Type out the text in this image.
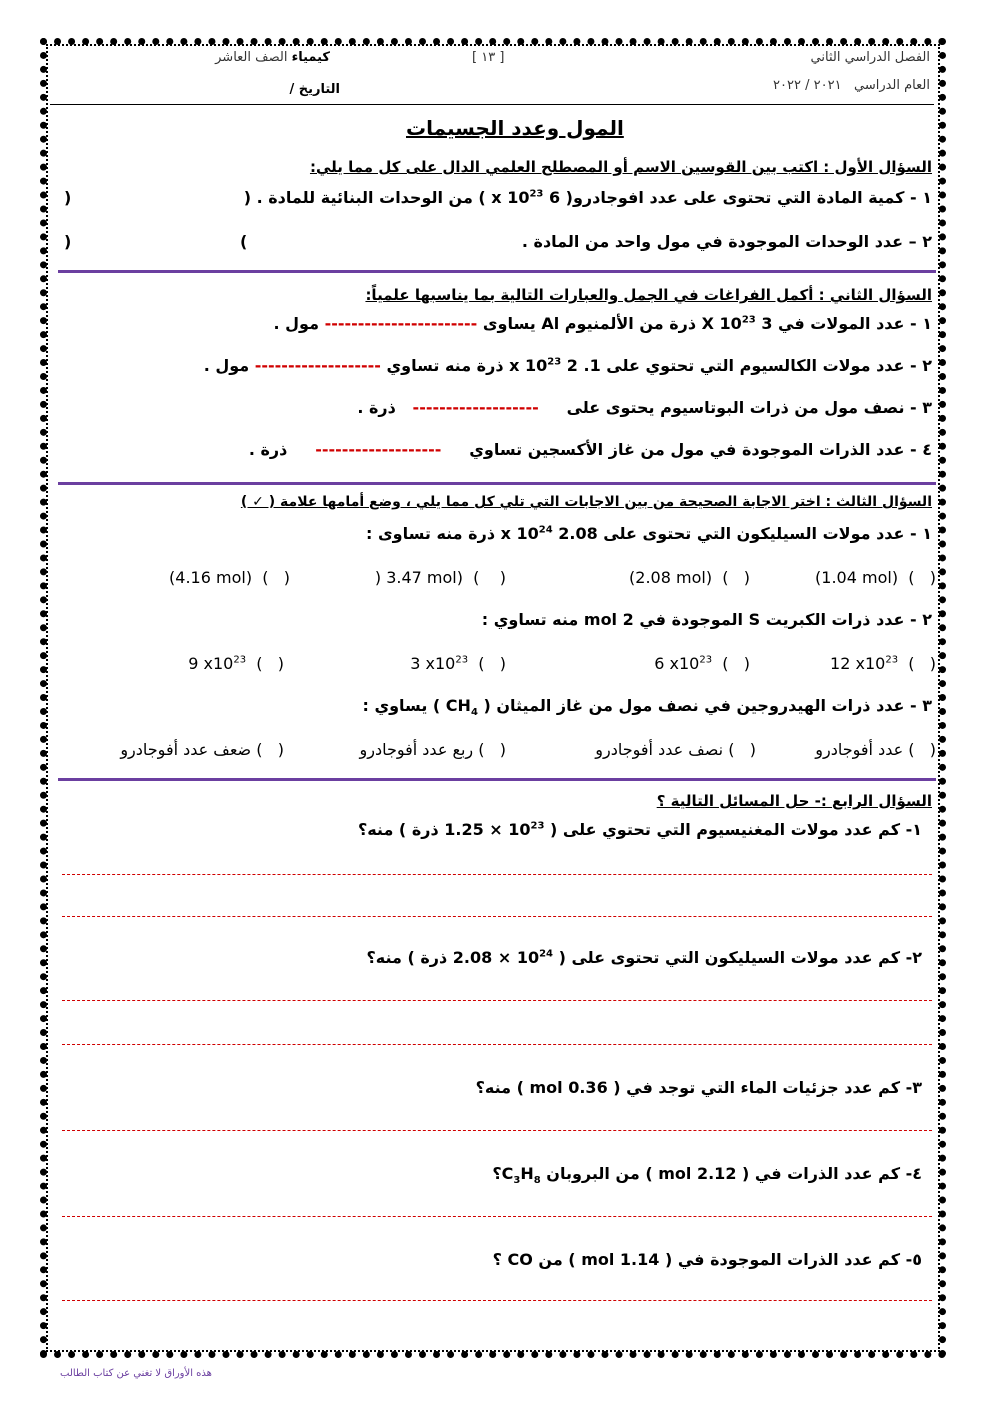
الفصل الدراسي الثاني
العام الدراسي   ٢٠٢١ / ٢٠٢٢
[ ١٣ ]
كيمياء الصف العاشر
التاريخ /
المول وعدد الجسيمات
السؤال الأول : اكتب بين القوسين الاسم أو المصطلح العلمي الدال على كل مما يلي:
١ - كمية المادة التي تحتوى على عدد افوجادرو( 6 x $10^{23}$ ) من الوحدات البنائية للمادة . (
)
٢ – عدد الوحدات الموجودة في مول واحد من المادة .
(
)
السؤال الثاني : أكمل الفراغات في الجمل والعبارات التالية بما يناسبها علمياً:
١ - عدد المولات في 3 X $10^{23}$ ذرة من الألمنيوم Al يساوى ----------------------- مول .
٢ - عدد مولات الكالسيوم التي تحتوي على 1. 2 x $10^{23}$ ذرة منه تساوي ------------------- مول .
٣ - نصف مول من ذرات البوتاسيوم يحتوى على     -------------------   ذرة .
٤ - عدد الذرات الموجودة في مول من غاز الأكسجين تساوي     -------------------     ذرة .
السؤال الثالث : اختر الاجابة الصحيحة من بين الاجابات التي تلي كل مما يلي ، وضع أمامها علامة ( ✓ )
١ - عدد مولات السيليكون التي تحتوى على 2.08 x $10^{24}$ ذرة منه تساوى :
(   )  (1.04 mol)
(   )  (2.08 mol)
(    )  3.47 mol) (
(   )  (4.16 mol)
٢ - عدد ذرات الكبريت S الموجودة في 2 mol منه تساوي :
(   )  12 $x10^{23}$
(   )  6 $x10^{23}$
(   )  3 $x10^{23}$
(   )  9 $x10^{23}$
٣ - عدد ذرات الهيدروجين في نصف مول من غاز الميثان ( $CH_4$ ) يساوي :
(   ) عدد أفوجادرو
(   ) نصف عدد أفوجادرو
(   ) ربع عدد أفوجادرو
(   ) ضعف عدد أفوجادرو
السؤال الرابع :- حل المسائل التالية ؟
١- كم عدد مولات المغنيسيوم التي تحتوي على ( $10^{23} \times 1.25$ ذرة ) منه؟
٢- كم عدد مولات السيليكون التي تحتوى على ( $10^{24} \times 2.08$ ذرة ) منه؟
٣- كم عدد جزئيات الماء التي توجد في ( 0.36 mol ) منه؟
٤- كم عدد الذرات في ( 2.12 mol ) من البروبان $C_3H_8؟$
٥- كم عدد الذرات الموجودة في ( 1.14 mol ) من CO ؟
هذه الأوراق لا تغني عن كتاب الطالب
